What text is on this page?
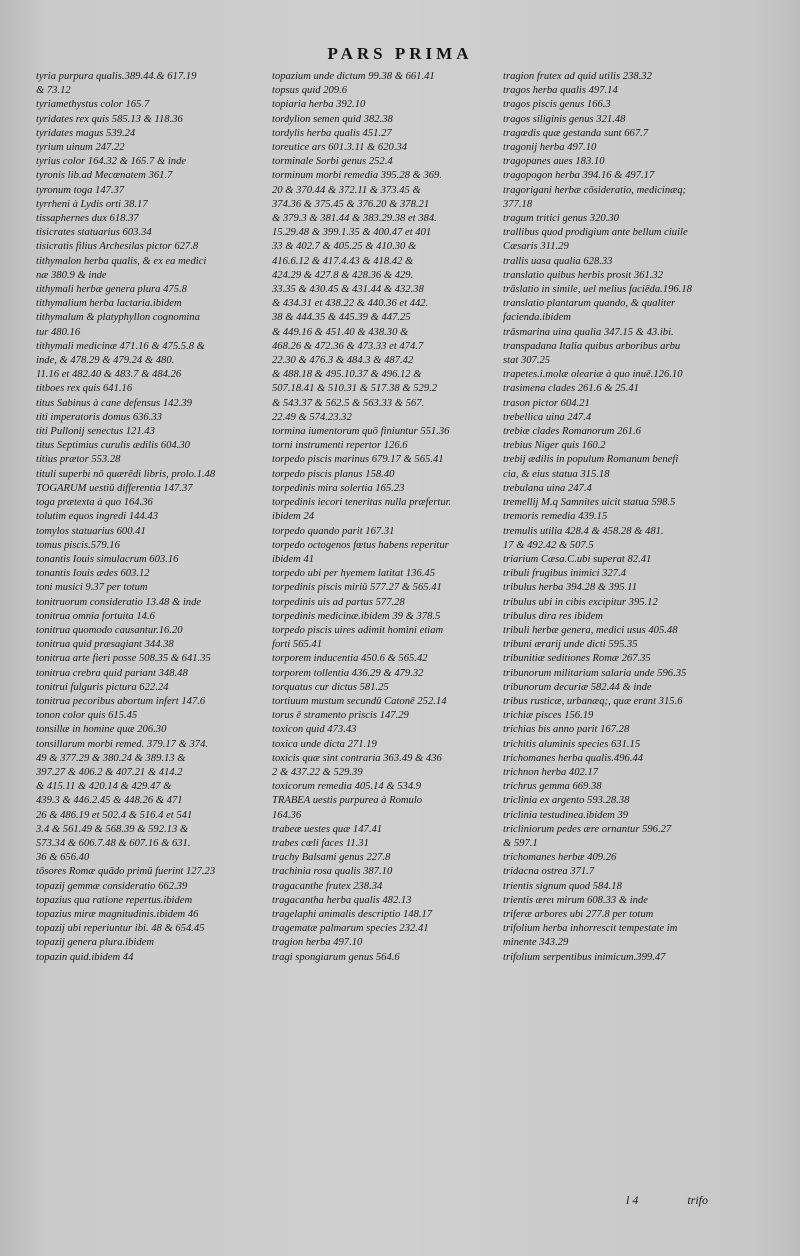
PARS PRIMA
tyria purpura qualis.389.44.& 617.19
& 73.12
tyriamethystus color 165.7
tyridates rex quis 585.13 & 118.36
tyridates magus 539.24
tyrium uinum 247.22
tyrius color 164.32 & 165.7 & inde
tyronis lib.ad Mecœnatem 361.7
tyronum toga 147.37
tyrrheni à Lydis orti 38.17
tissaphernes dux 618.37
tisicrates statuarius 603.34
tisicratis filius Archesilas pictor 627.8
tithymalon herba qualis, & ex ea medici
næ 380.9 & inde
tithymali herbæ genera plura 475.8
tithymalium herba lactaria.ibidem
tithymalum & platyphyllon cognomina
tur 480.16
tithymali medicinæ 471.16 & 475.5.8 &
inde, & 478.29 & 479.24 & 480.
11.16 et 482.40 & 483.7 & 484.26
titboes rex quis 641.16
titus Sabinus à cane defensus 142.39
titi imperatoris domus 636.33
titi Pullonij senectus 121.43
titus Septimius curulis ædilis 604.30
titius prætor 553.28
tituli superbi nō quærēdi libris, prolo.1.48
TOGARUM uestiū differentia 147.37
toga prætexta à quo 164.36
tolutim equos ingredi 144.43
tomylos statuarius 600.41
tomus piscis.579.16
tonantis Iouis simulacrum 603.16
tonantis Iouis ædes 603.12
toni musici 9.37 per totum
tonitruorum consideratio 13.48 & inde
tonitrua omnia fortuita 14.6
tonitrua quomodo causantur.16.20
tonitrua quid præsagiant 344.38
tonitrua arte fieri posse 508.35 & 641.35
tonitrua crebra quid pariant 348.48
tonitrui fulguris pictura 622.24
tonitrua pecoribus abortum infert 147.6
tonon color quis 615.45
tonsillæ in homine quæ 206.30
tonsillarum morbi remed. 379.17 & 374.
49 & 377.29 & 380.24 & 389.13 &
397.27 & 406.2 & 407.21 & 414.2
& 415.11 & 420.14 & 429.47 &
439.3 & 446.2.45 & 448.26 & 471
26 & 486.19 et 502.4 & 516.4 et 541
3.4 & 561.49 & 568.39 & 592.13 &
573.34 & 606.7.48 & 607.16 & 631.
36 & 656.40
tōsores Romæ quādo primū fuerint 127.23
topazij gemmæ consideratio 662.39
topazius qua ratione repertus.ibidem
topazius miræ magnitudinis.ibidem 46
topazij ubi reperiuntur ibi. 48 & 654.45
topazij genera plura.ibidem
topazin quid.ibidem 44
topazium unde dictum 99.38 & 661.41
topsus quid 209.6
topiaria herba 392.10
tordylion semen quid 382.38
tordylis herba qualis 451.27
toreutice ars 601.3.11 & 620.34
torminale Sorbi genus 252.4
torminum morbi remedia 395.28 & 369.
20 & 370.44 & 372.11 & 373.45 &
374.36 & 375.45 & 376.20 & 378.21
& 379.3 & 381.44 & 383.29.38 et 384.
15.29.48 & 399.1.35 & 400.47 et 401
33 & 402.7 & 405.25 & 410.30 &
416.6.12 & 417.4.43 & 418.42 &
424.29 & 427.8 & 428.36 & 429.
33.35 & 430.45 & 431.44 & 432.38
& 434.31 et 438.22 & 440.36 et 442.
38 & 444.35 & 445.39 & 447.25
& 449.16 & 451.40 & 438.30 &
468.26 & 472.36 & 473.33 et 474.7
22.30 & 476.3 & 484.3 & 487.42
& 488.18 & 495.10.37 & 496.12 &
507.18.41 & 510.31 & 517.38 & 529.2
& 543.37 & 562.5 & 563.33 & 567.
22.49 & 574.23.32
tormina iumentorum quō finiuntur 551.36
torni instrumenti repertor 126.6
torpedo piscis marinus 679.17 & 565.41
torpedo piscis planus 158.40
torpedinis mira solertia 165.23
torpedinis iecori teneritas nulla præfertur.
ibidem 24
torpedo quando parit 167.31
torpedo octogenos fœtus habens reperitur
ibidem 41
torpedo ubi per hyemem latitat 136.45
torpedinis piscis miriū 577.27 & 565.41
torpedinis uis ad partus 577.28
torpedinis medicinæ.ibidem 39 & 378.5
torpedo piscis uires adimit homini etiam
forti 565.41
torporem inducentia 450.6 & 565.42
torporem tollentia 436.29 & 479.32
torquatus cur dictus 581.25
tortiuum mustum secundū Catonē 252.14
torus ē stramento priscis 147.29
toxicon quid 473.43
toxica unde dicta 271.19
toxicis quæ sint contraria 363.49 & 436
2 & 437.22 & 529.39
toxicorum remedia 405.14 & 534.9
TRABEA uestis purpurea à Romulo
164.36
trabeæ uestes quæ 147.41
trabes cœli faces 11.31
trachy Balsami genus 227.8
trachinia rosa qualis 387.10
tragacanthe frutex 238.34
tragacantha herba qualis 482.13
tragelaphi animalis descriptio 148.17
tragematæ palmarum species 232.41
tragion herba 497.10
tragi spongiarum genus 564.6
tragion frutex ad quid utilis 238.32
tragos herba qualis 497.14
tragos piscis genus 166.3
tragos siliginis genus 321.48
tragœdis quæ gestanda sunt 667.7
tragonij herba 497.10
tragopanes aues 183.10
tragopogon herba 394.16 & 497.17
tragorigani herbæ cōsideratio, medicinæq;
377.18
tragum tritici genus 320.30
trallibus quod prodigium ante bellum ciuile
Cæsaris 311.29
trallis uasa qualia 628.33
translatio quibus herbis prosit 361.32
trāslatio in simile, uel melius faciēda.196.18
translatio plantarum quando, & qualiter
facienda.ibidem
trāsmarina uina qualia 347.15 & 43.ibi.
transpadana Italia quibus arboribus arbu
stat 307.25
trapetes.i.molæ oleariæ à quo inuē.126.10
trasimena clades 261.6 & 25.41
trason pictor 604.21
trebellica uina 247.4
trebiæ clades Romanorum 261.6
trebius Niger quis 160.2
trebij ædilis in populum Romanum benefi
cia, & eius statua 315.18
trebulana uina 247.4
tremellij M.q Samnites uicit statua 598.5
tremoris remedia 439.15
tremulis utilia 428.4 & 458.28 & 481.
17 & 492.42 & 507.5
triarium Cæsa.C.ubi superat 82.41
tribuli frugibus inimici 327.4
tribulus herba 394.28 & 395.11
tribulus ubi in cibis excipitur 395.12
tribulus dira res ibidem
tribuli herbæ genera, medici usus 405.48
tribuni ærarij unde dicti 595.35
tribunitiæ seditiones Romæ 267.35
tribunorum militarium salaria unde 596.35
tribunorum decuriæ 582.44 & inde
tribus rusticæ, urbanæq;, quæ erant 315.6
trichiæ pisces 156.19
trichias bis anno parit 167.28
trichitis aluminis species 631.15
trichomanes herba qualis.496.44
trichnon herba 402.17
trichrus gemma 669.38
triclinia ex argento 593.28.38
triclinia testudinea.ibidem 39
tricliniorum pedes ære ornantur 596.27
& 597.1
trichomanes herbæ 409.26
tridacna ostrea 371.7
trientis signum quod 584.18
trientis æreι mirum 608.33 & inde
triferæ arbores ubi 277.8 per totum
trifolium herba inhorrescit tempestate im
minente 343.29
trifolium serpentibus inimicum.399.47
l 4	trifo
